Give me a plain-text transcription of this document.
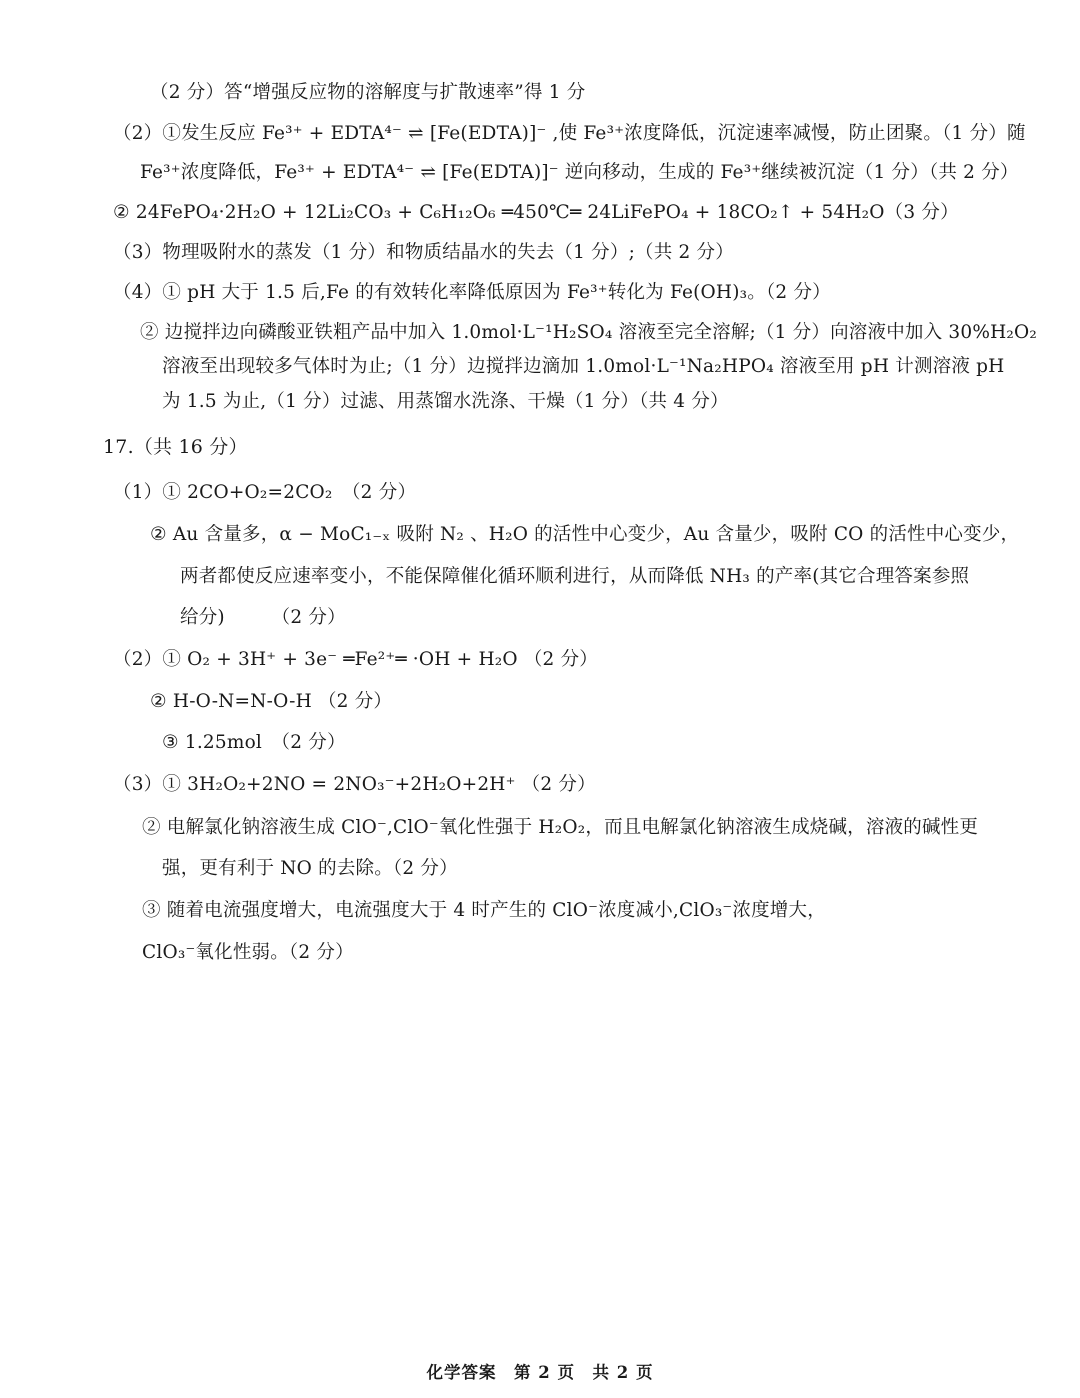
（2 分）答“增强反应物的溶解度与扩散速率”得 1 分
（2）①发生反应 Fe³⁺ + EDTA⁴⁻ ⇌ [Fe(EDTA)]⁻ ,使 Fe³⁺浓度降低，沉淀速率减慢，防止团聚。（1 分）随
Fe³⁺浓度降低，Fe³⁺ + EDTA⁴⁻ ⇌ [Fe(EDTA)]⁻ 逆向移动，生成的 Fe³⁺继续被沉淀（1 分）（共 2 分）
② 24FePO₄·2H₂O + 12Li₂CO₃ + C₆H₁₂O₆ ═450℃═ 24LiFePO₄ + 18CO₂↑ + 54H₂O（3 分）
（3）物理吸附水的蒸发（1 分）和物质结晶水的失去（1 分）;（共 2 分）
（4）① pH 大于 1.5 后,Fe 的有效转化率降低原因为 Fe³⁺转化为 Fe(OH)₃。（2 分）
② 边搅拌边向磷酸亚铁粗产品中加入 1.0mol·L⁻¹H₂SO₄ 溶液至完全溶解;（1 分）向溶液中加入 30%H₂O₂
溶液至出现较多气体时为止;（1 分）边搅拌边滴加 1.0mol·L⁻¹Na₂HPO₄ 溶液至用 pH 计测溶液 pH
为 1.5 为止,（1 分）过滤、用蒸馏水洗涤、干燥（1 分）（共 4 分）
17.（共 16 分）
（1）① 2CO+O₂=2CO₂　（2 分）
② Au 含量多，α − MoC₁₋ₓ 吸附 N₂ 、H₂O 的活性中心变少，Au 含量少，吸附 CO 的活性中心变少，
两者都使反应速率变小，不能保障催化循环顺利进行，从而降低 NH₃ 的产率(其它合理答案参照
给分)　　　（2 分）
（2）① O₂ + 3H⁺ + 3e⁻ ═Fe²⁺═ ·OH + H₂O （2 分）
② H-O-N=N-O-H （2 分）
③ 1.25mol　（2 分）
（3）① 3H₂O₂+2NO = 2NO₃⁻+2H₂O+2H⁺ （2 分）
② 电解氯化钠溶液生成 ClO⁻,ClO⁻氧化性强于 H₂O₂，而且电解氯化钠溶液生成烧碱，溶液的碱性更
强，更有利于 NO 的去除。（2 分）
③ 随着电流强度增大，电流强度大于 4 时产生的 ClO⁻浓度减小,ClO₃⁻浓度增大，
ClO₃⁻氧化性弱。（2 分）
化学答案　第 2 页　共 2 页
